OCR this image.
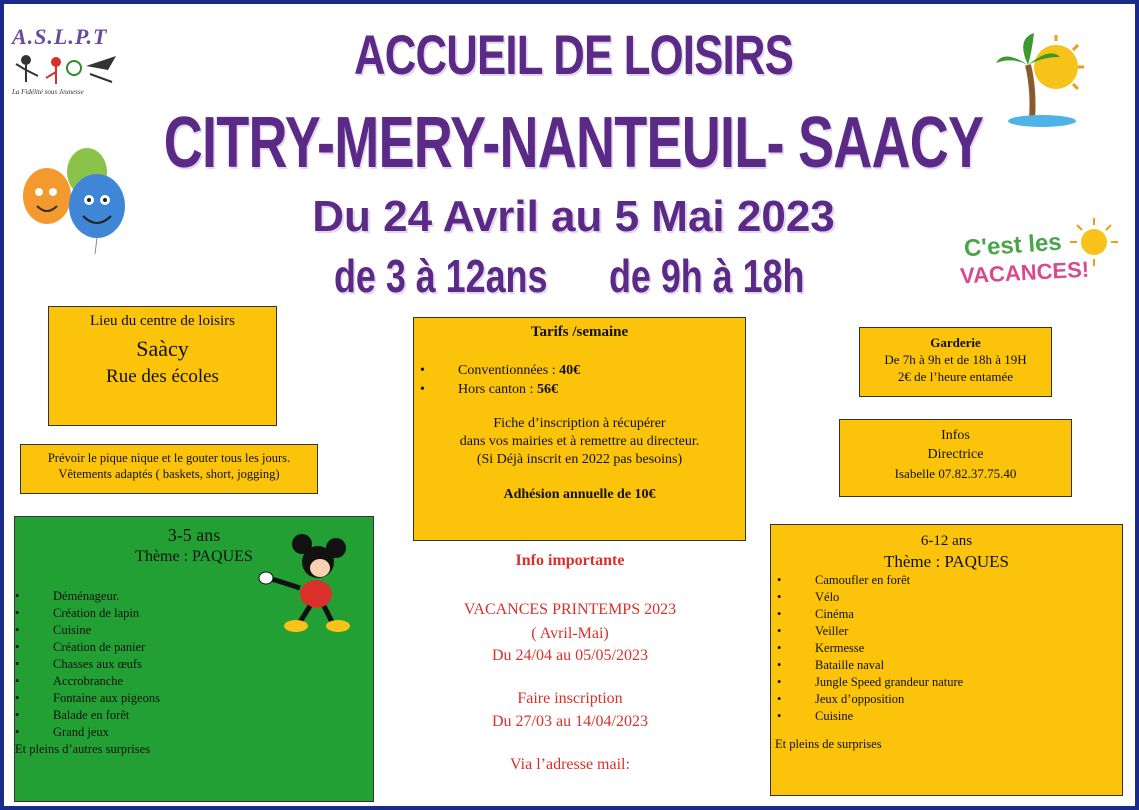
A.S.L.P.T
La Fidélité sous Jeunesse
ACCUEIL DE LOISIRS
CITRY-MERY-NANTEUIL- SAACY
Du 24 Avril au 5 Mai 2023
de 3 à 12ans de 9h à 18h
C'est les
VACANCES!
Lieu du centre de loisirs
Saàcy
Rue des écoles
Prévoir le pique nique et le gouter tous les jours.
Vêtements adaptés ( baskets, short, jogging)
Tarifs /semaine
• Conventionnées : 40€
• Hors canton : 56€
Fiche d’inscription à récupérer
dans vos mairies et à remettre au directeur.
(Si Déjà inscrit en 2022 pas besoins)
Adhésion annuelle de 10€
Garderie
De 7h à 9h et de 18h à 19H
2€ de l’heure entamée
Infos
Directrice
Isabelle 07.82.37.75.40
3-5 ans
Thème : PAQUES
• Déménageur.
• Création de lapin
• Cuisine
• Création de panier
• Chasses aux œufs
• Accrobranche
• Fontaine aux pigeons
• Balade en forêt
• Grand jeux
Et pleins d’autres surprises
Info importante
VACANCES PRINTEMPS 2023
( Avril-Mai)
Du 24/04 au 05/05/2023
Faire inscription
Du 27/03 au 14/04/2023
Via l’adresse mail:
6-12 ans
Thème : PAQUES
• Camoufler en forêt
• Vélo
• Cinéma
• Veiller
• Kermesse
• Bataille naval
• Jungle Speed grandeur nature
• Jeux d’opposition
• Cuisine
Et pleins de surprises
